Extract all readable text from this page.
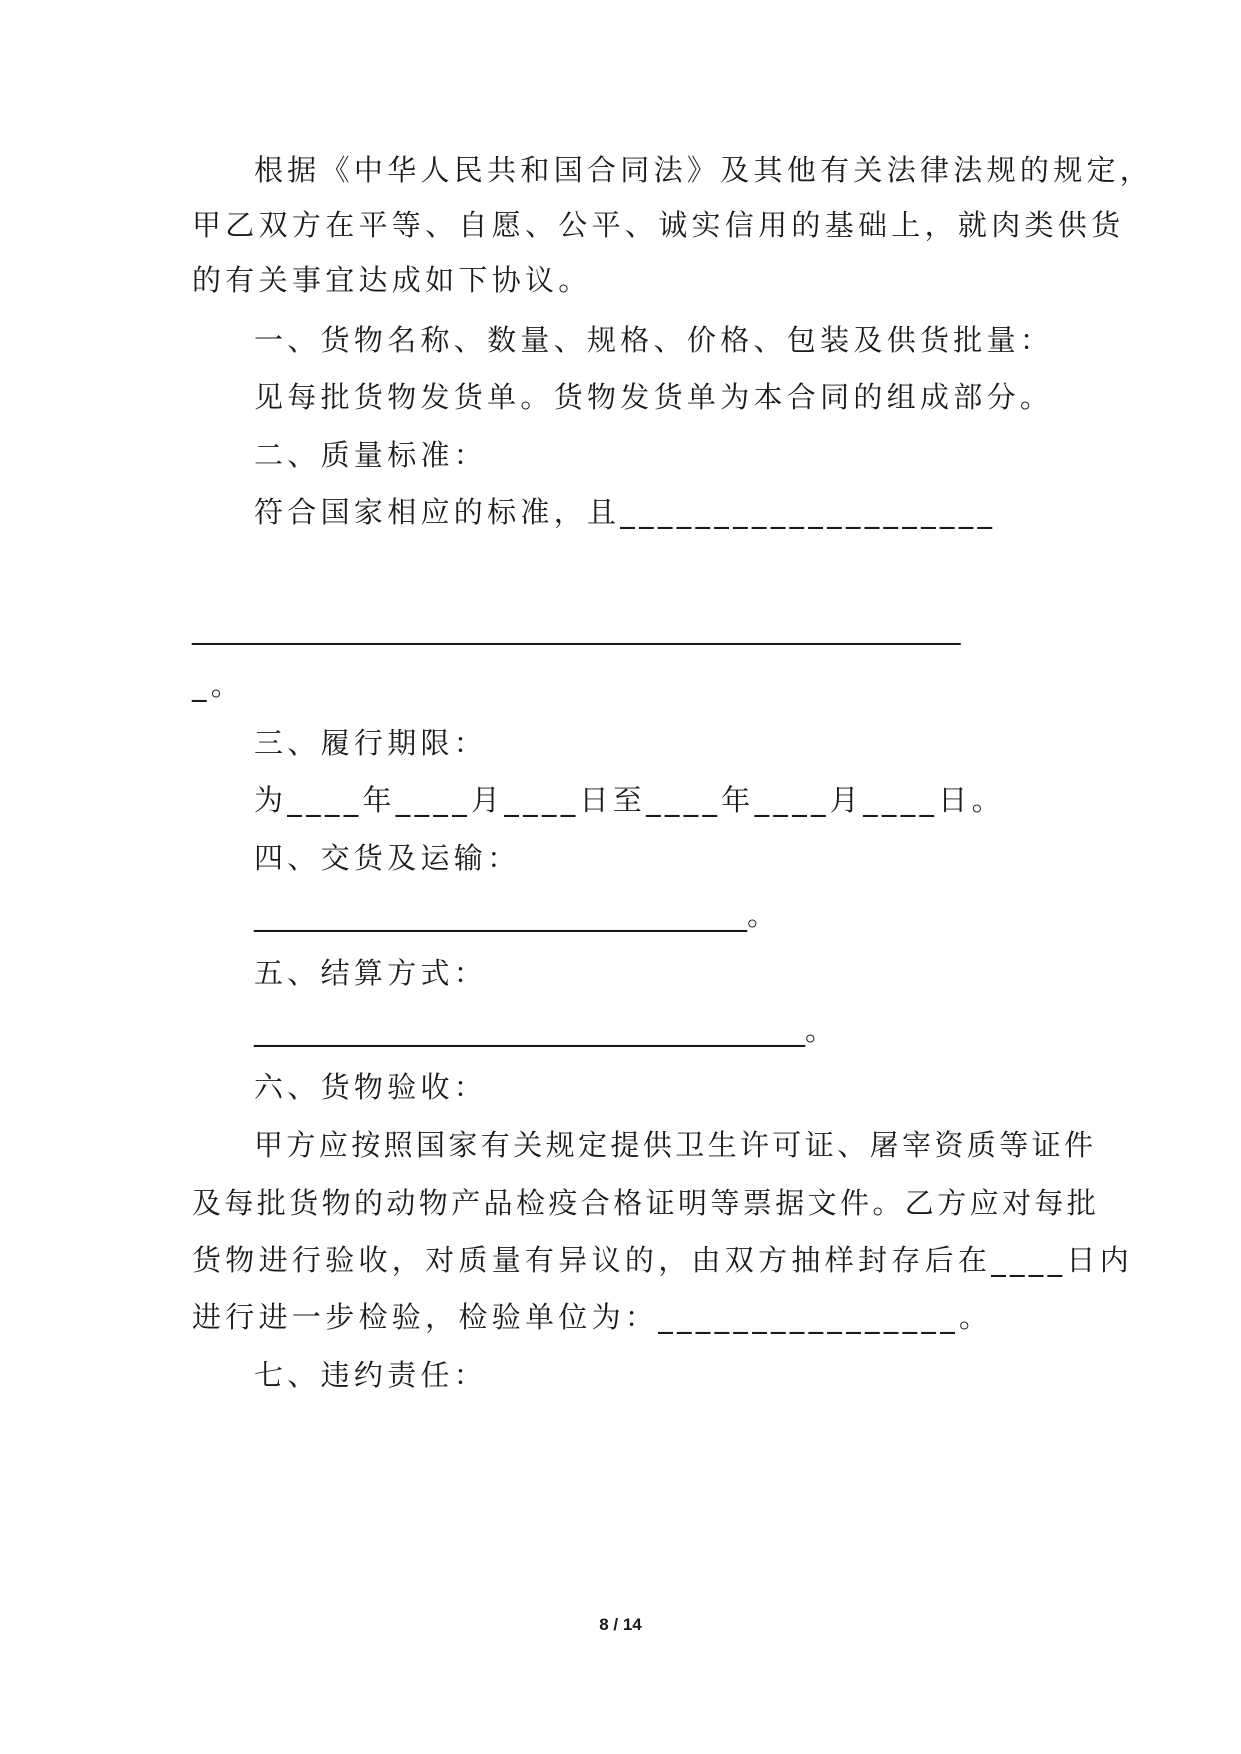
根据《中华人民共和国合同法》及其他有关法律法规的规定，
甲乙双方在平等、自愿、公平、诚实信用的基础上，就肉类供货
的有关事宜达成如下协议。
一、货物名称、数量、规格、价格、包装及供货批量：
见每批货物发货单。货物发货单为本合同的组成部分。
二、质量标准：
符合国家相应的标准，且____________________
_____________________________________________________
_。
三、履行期限：
为____年____月____日至____年____月____日。
四、交货及运输：
__________________________________。
五、结算方式：
______________________________________。
六、货物验收：
甲方应按照国家有关规定提供卫生许可证、屠宰资质等证件
及每批货物的动物产品检疫合格证明等票据文件。乙方应对每批
货物进行验收，对质量有异议的，由双方抽样封存后在____日内
进行进一步检验，检验单位为：________________。
七、违约责任：
8 / 14
